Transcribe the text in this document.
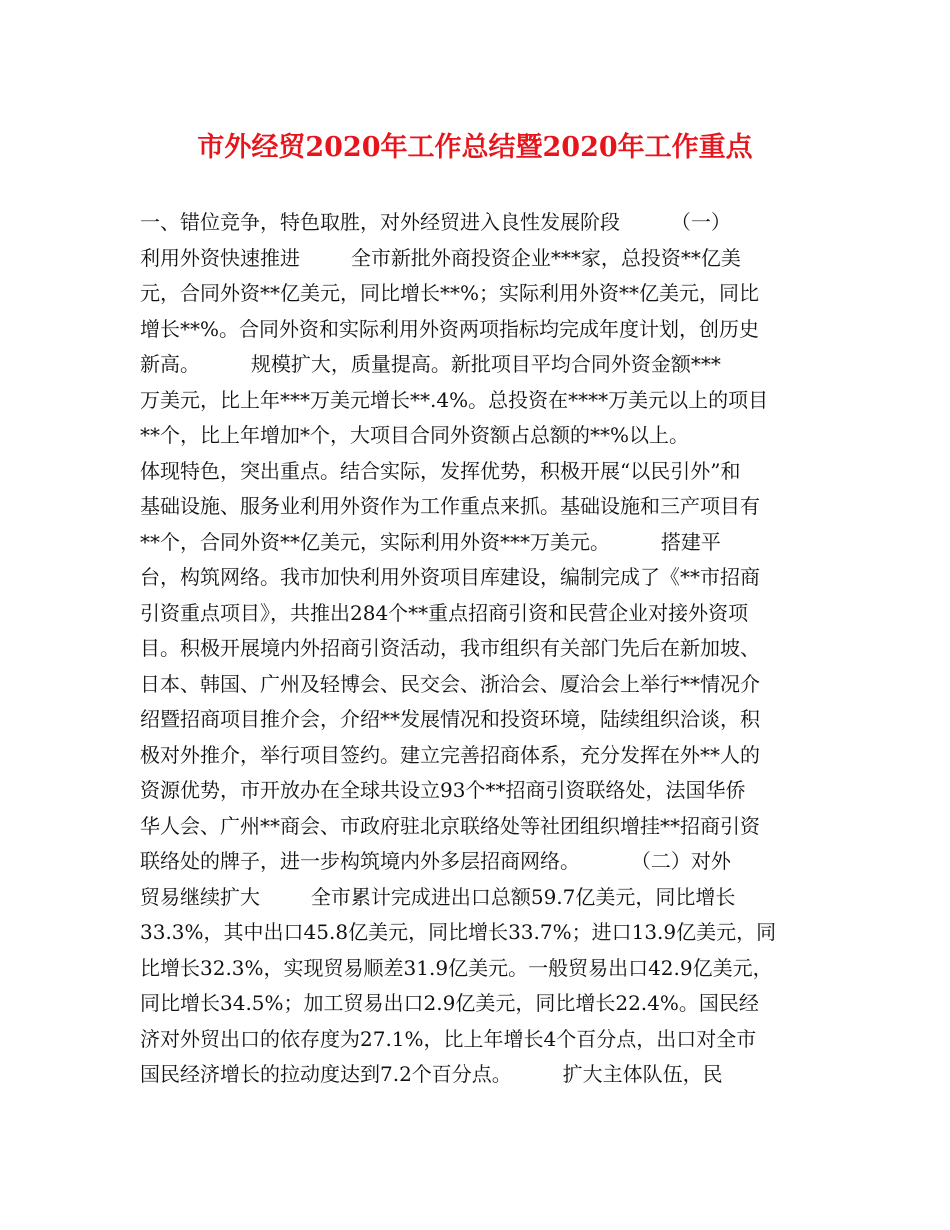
市外经贸2020年工作总结暨2020年工作重点
一、错位竞争，特色取胜，对外经贸进入良性发展阶段        （一）
利用外资快速推进        全市新批外商投资企业***家，总投资**亿美
元，合同外资**亿美元，同比增长**%；实际利用外资**亿美元，同比
增长**%。合同外资和实际利用外资两项指标均完成年度计划，创历史
新高。        规模扩大，质量提高。新批项目平均合同外资金额***
万美元，比上年***万美元增长**.4%。总投资在****万美元以上的项目
**个，比上年增加*个，大项目合同外资额占总额的**%以上。
体现特色，突出重点。结合实际，发挥优势，积极开展“以民引外”和
基础设施、服务业利用外资作为工作重点来抓。基础设施和三产项目有
**个，合同外资**亿美元，实际利用外资***万美元。        搭建平
台，构筑网络。我市加快利用外资项目库建设，编制完成了《**市招商
引资重点项目》，共推出284个**重点招商引资和民营企业对接外资项
目。积极开展境内外招商引资活动，我市组织有关部门先后在新加坡、
日本、韩国、广州及轻博会、民交会、浙洽会、厦洽会上举行**情况介
绍暨招商项目推介会，介绍**发展情况和投资环境，陆续组织洽谈，积
极对外推介，举行项目签约。建立完善招商体系，充分发挥在外**人的
资源优势，市开放办在全球共设立93个**招商引资联络处，法国华侨
华人会、广州**商会、市政府驻北京联络处等社团组织增挂**招商引资
联络处的牌子，进一步构筑境内外多层招商网络。        （二）对外
贸易继续扩大        全市累计完成进出口总额59.7亿美元，同比增长
33.3%，其中出口45.8亿美元，同比增长33.7%；进口13.9亿美元，同
比增长32.3%，实现贸易顺差31.9亿美元。一般贸易出口42.9亿美元，
同比增长34.5%；加工贸易出口2.9亿美元，同比增长22.4%。国民经
济对外贸出口的依存度为27.1%，比上年增长4个百分点，出口对全市
国民经济增长的拉动度达到7.2个百分点。        扩大主体队伍，民
